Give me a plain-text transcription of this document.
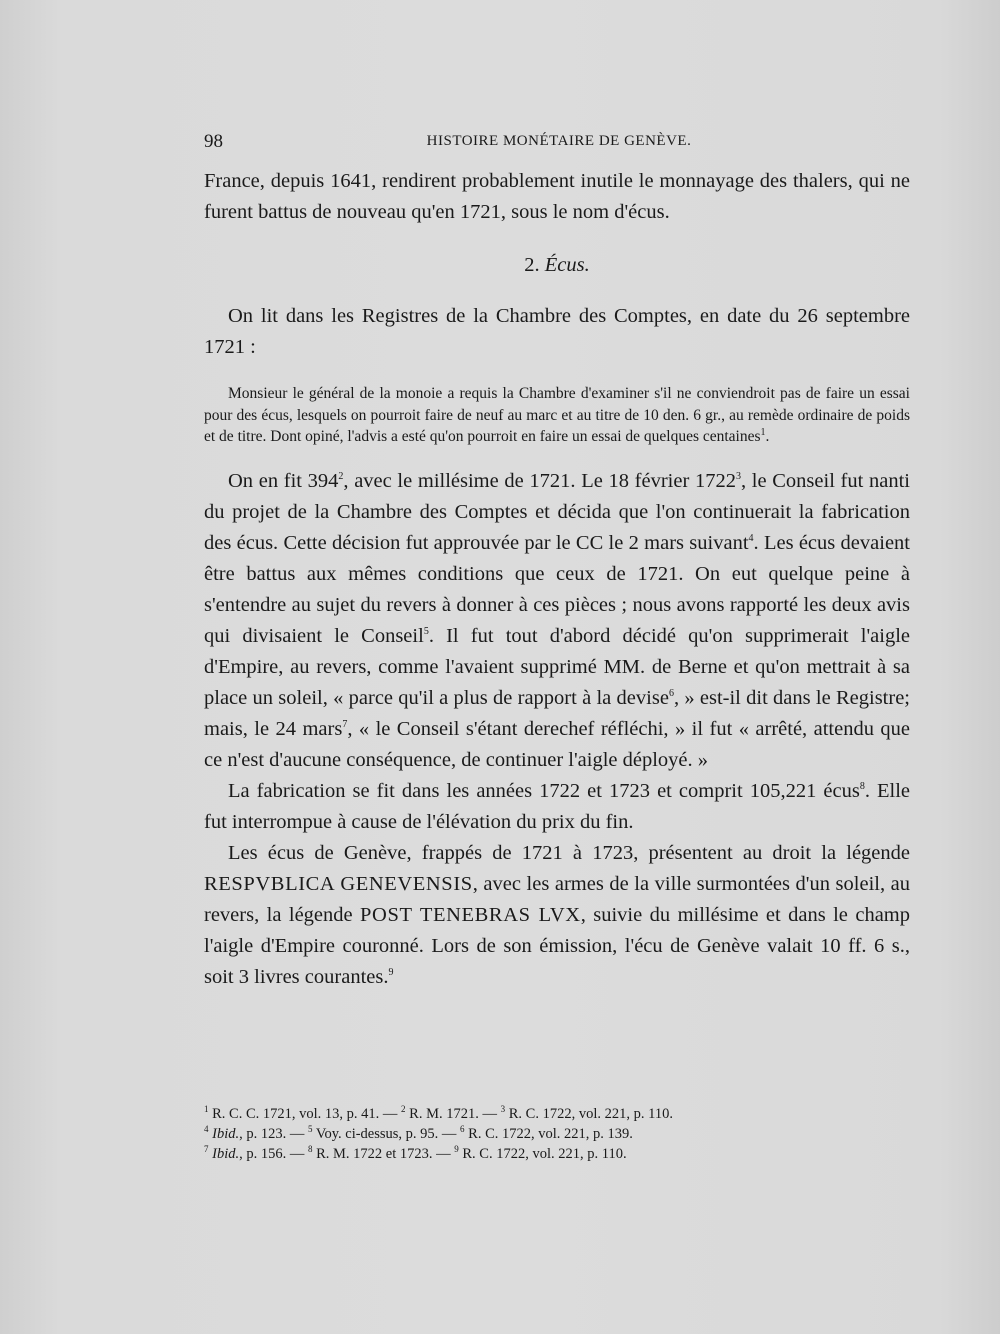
98	HISTOIRE MONÉTAIRE DE GENÈVE.

France, depuis 1641, rendirent probablement inutile le monnayage des thalers, qui ne furent battus de nouveau qu'en 1721, sous le nom d'écus.

2. Écus.

On lit dans les Registres de la Chambre des Comptes, en date du 26 septembre 1721 :

Monsieur le général de la monoie a requis la Chambre d'examiner s'il ne conviendroit pas de faire un essai pour des écus, lesquels on pourroit faire de neuf au marc et au titre de 10 den. 6 gr., au remède ordinaire de poids et de titre. Dont opiné, l'advis a esté qu'on pourroit en faire un essai de quelques centaines$^1$.

On en fit $394^2$, avec le millésime de 1721. Le 18 février 1722$^3$, le Conseil fut nanti du projet de la Chambre des Comptes et décida que l'on continuerait la fabrication des écus. Cette décision fut approuvée par le CC le 2 mars suivant$^4$. Les écus devaient être battus aux mêmes conditions que ceux de 1721. On eut quelque peine à s'entendre au sujet du revers à donner à ces pièces ; nous avons rapporté les deux avis qui divisaient le Conseil$^5$. Il fut tout d'abord décidé qu'on supprimerait l'aigle d'Empire, au revers, comme l'avaient supprimé MM. de Berne et qu'on mettrait à sa place un soleil, « parce qu'il a plus de rapport à la devise$^6$, » est-il dit dans le Registre; mais, le 24 mars$^7$, « le Conseil s'étant derechef réfléchi, » il fut « arrêté, attendu que ce n'est d'aucune conséquence, de continuer l'aigle déployé. »

La fabrication se fit dans les années 1722 et 1723 et comprit 105,221 écus$^8$. Elle fut interrompue à cause de l'élévation du prix du fin.

Les écus de Genève, frappés de 1721 à 1723, présentent au droit la légende RESPVBLICA GENEVENSIS, avec les armes de la ville surmontées d'un soleil, au revers, la légende POST TENEBRAS LVX, suivie du millésime et dans le champ l'aigle d'Empire couronné. Lors de son émission, l'écu de Genève valait 10 ff. 6 s., soit 3 livres courantes.$^9$

$^1$ R. C. C. 1721, vol. 13, p. 41. — $^2$ R. M. 1721. — $^3$ R. C. 1722, vol. 221, p. 110.
$^4$ Ibid., p. 123. — $^5$ Voy. ci-dessus, p. 95. — $^6$ R. C. 1722, vol. 221, p. 139.
$^7$ Ibid., p. 156. — $^8$ R. M. 1722 et 1723. — $^9$ R. C. 1722, vol. 221, p. 110.
